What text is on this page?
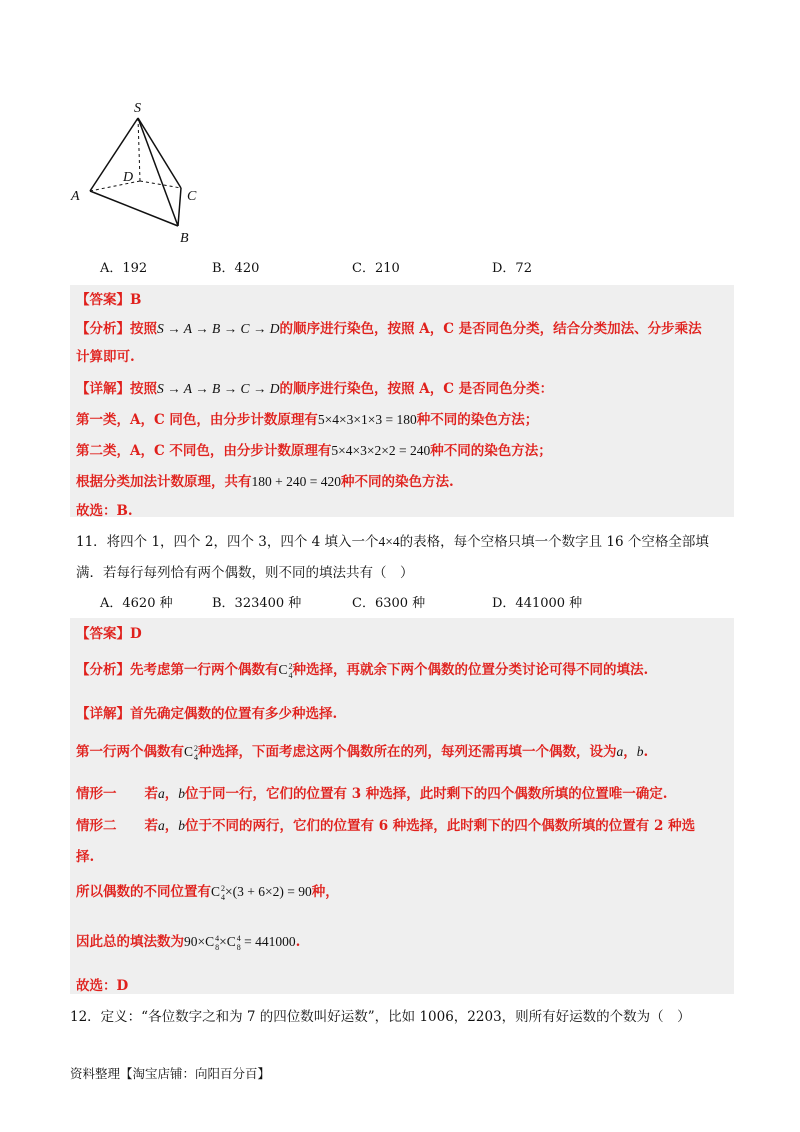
S
A
B
C
D
A．192	B．420	C．210	D．72
【答案】B
【分析】按照S → A → B → C → D的顺序进行染色，按照 A，C 是否同色分类，结合分类加法、分步乘法
计算即可.
【详解】按照S → A → B → C → D的顺序进行染色，按照 A，C 是否同色分类：
第一类，A，C 同色，由分步计数原理有5×4×3×1×3 = 180种不同的染色方法；
第二类，A，C 不同色，由分步计数原理有5×4×3×2×2 = 240种不同的染色方法；
根据分类加法计数原理，共有180 + 240 = 420种不同的染色方法.
故选：B.
11．将四个 1，四个 2，四个 3，四个 4 填入一个4×4的表格，每个空格只填一个数字且 16 个空格全部填
满．若每行每列恰有两个偶数，则不同的填法共有（　）
A．4620 种	B．323400 种	C．6300 种	D．441000 种
【答案】D
【分析】先考虑第一行两个偶数有 C 2
4 种选择，再就余下两个偶数的位置分类讨论可得不同的填法.
【详解】首先确定偶数的位置有多少种选择.
第一行两个偶数有 C 2
4 种选择，下面考虑这两个偶数所在的列，每列还需再填一个偶数，设为a，b.
情形一 若a，b位于同一行，它们的位置有 3 种选择，此时剩下的四个偶数所填的位置唯一确定.
情形二 若a，b位于不同的两行，它们的位置有 6 种选择，此时剩下的四个偶数所填的位置有 2 种选
择.
所以偶数的不同位置有 C 2
4 ×(3 + 6×2) = 90种，
因此总的填法数为90× C 4
8 × C 4
8 = 441000.
故选：D
12．定义：“各位数字之和为 7 的四位数叫好运数”，比如 1006，2203，则所有好运数的个数为（　）
资料整理【淘宝店铺：向阳百分百】
